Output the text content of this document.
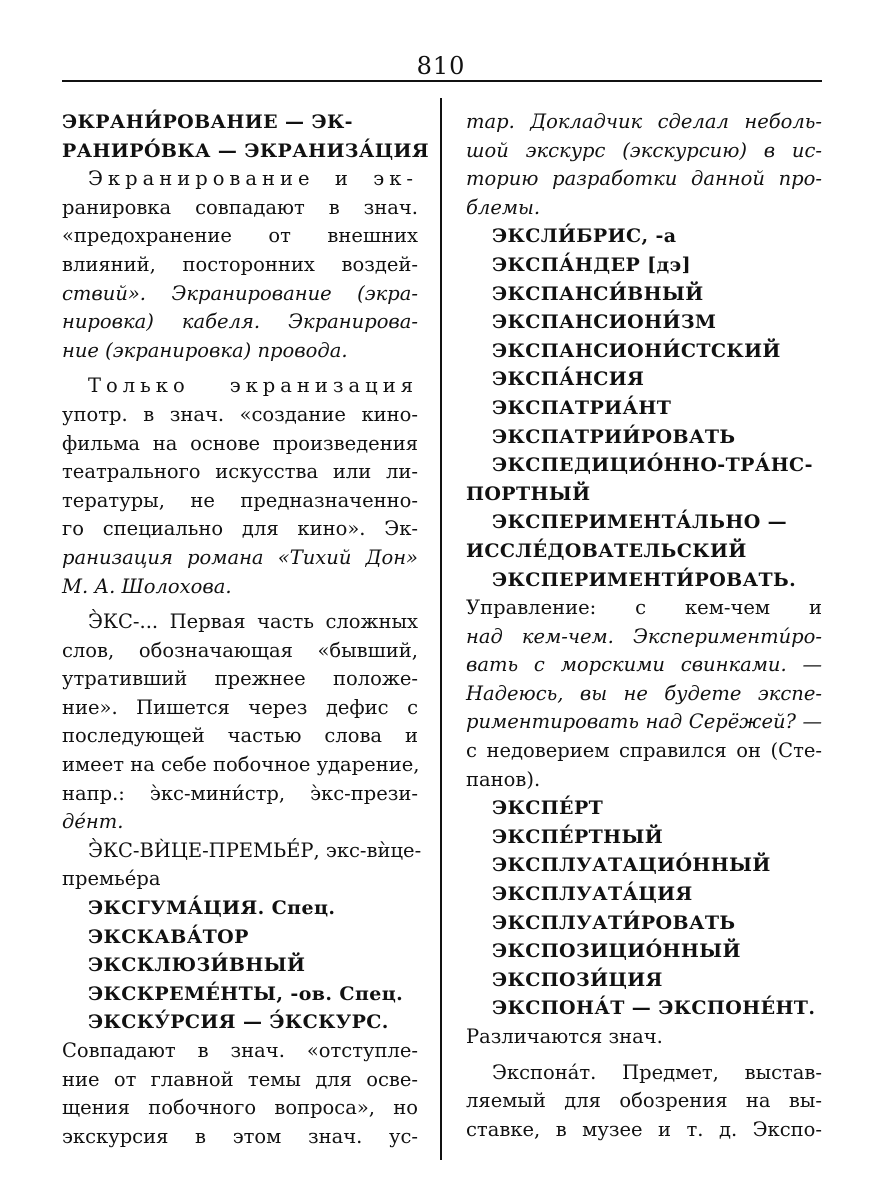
810
ЭКРАНИ́РОВАНИЕ — ЭК-
РАНИРО́ВКА — ЭКРАНИЗА́ЦИЯ
Экранирование и эк-
ранировка совпадают в знач.
«предохранение от внешних
влияний, посторонних воздей-
ствий». Экранирование (экра-
нировка) кабеля. Экранирова-
ние (экранировка) провода.
Только экранизация
употр. в знач. «создание кино-
фильма на основе произведения
театрального искусства или ли-
тературы, не предназначенно-
го специально для кино». Эк-
ранизация романа «Тихий Дон»
М. А. Шолохова.
Э̀КС-... Первая часть сложных
слов, обозначающая «бывший,
утративший прежнее положе-
ние». Пишется через дефис с
последующей частью слова и
имеет на себе побочное ударение,
напр.: э̀кс-мини́стр, э̀кс-прези-
де́нт.
Э̀КС-ВЍЦЕ-ПРЕМЬЕ́Р, экс-вѝце-
премье́ра
ЭКСГУМА́ЦИЯ. Спец.
ЭКСКАВА́ТОР
ЭКСКЛЮЗИ́ВНЫЙ
ЭКСКРЕМЕ́НТЫ, -ов. Спец.
ЭКСКУ́РСИЯ — Э́КСКУРС.
Совпадают в знач. «отступле-
ние от главной темы для осве-
щения побочного вопроса», но
экскурсия в этом знач. ус-
тар. Докладчик сделал неболь-
шой экскурс (экскурсию) в ис-
торию разработки данной про-
блемы.
ЭКСЛИ́БРИС, -а
ЭКСПА́НДЕР [дэ]
ЭКСПАНСИ́ВНЫЙ
ЭКСПАНСИОНИ́ЗМ
ЭКСПАНСИОНИ́СТСКИЙ
ЭКСПА́НСИЯ
ЭКСПАТРИА́НТ
ЭКСПАТРИИ́РОВАТЬ
ЭКСПЕДИЦИО́ННО-ТРА́НС-
ПОРТНЫЙ
ЭКСПЕРИМЕНТА́ЛЬНО —
ИССЛЕ́ДОВАТЕЛЬСКИЙ
ЭКСПЕРИМЕНТИ́РОВАТЬ.
Управление: с кем-чем и
над кем-чем. Эксперименти́ро-
вать с морскими свинками. —
Надеюсь, вы не будете экспе-
риментировать над Серёжей? —
с недоверием справился он (Сте-
панов).
ЭКСПЕ́РТ
ЭКСПЕ́РТНЫЙ
ЭКСПЛУАТАЦИО́ННЫЙ
ЭКСПЛУАТА́ЦИЯ
ЭКСПЛУАТИ́РОВАТЬ
ЭКСПОЗИЦИО́ННЫЙ
ЭКСПОЗИ́ЦИЯ
ЭКСПОНА́Т — ЭКСПОНЕ́НТ.
Различаются знач.
Экспона́т. Предмет, выстав-
ляемый для обозрения на вы-
ставке, в музее и т. д. Экспо-
